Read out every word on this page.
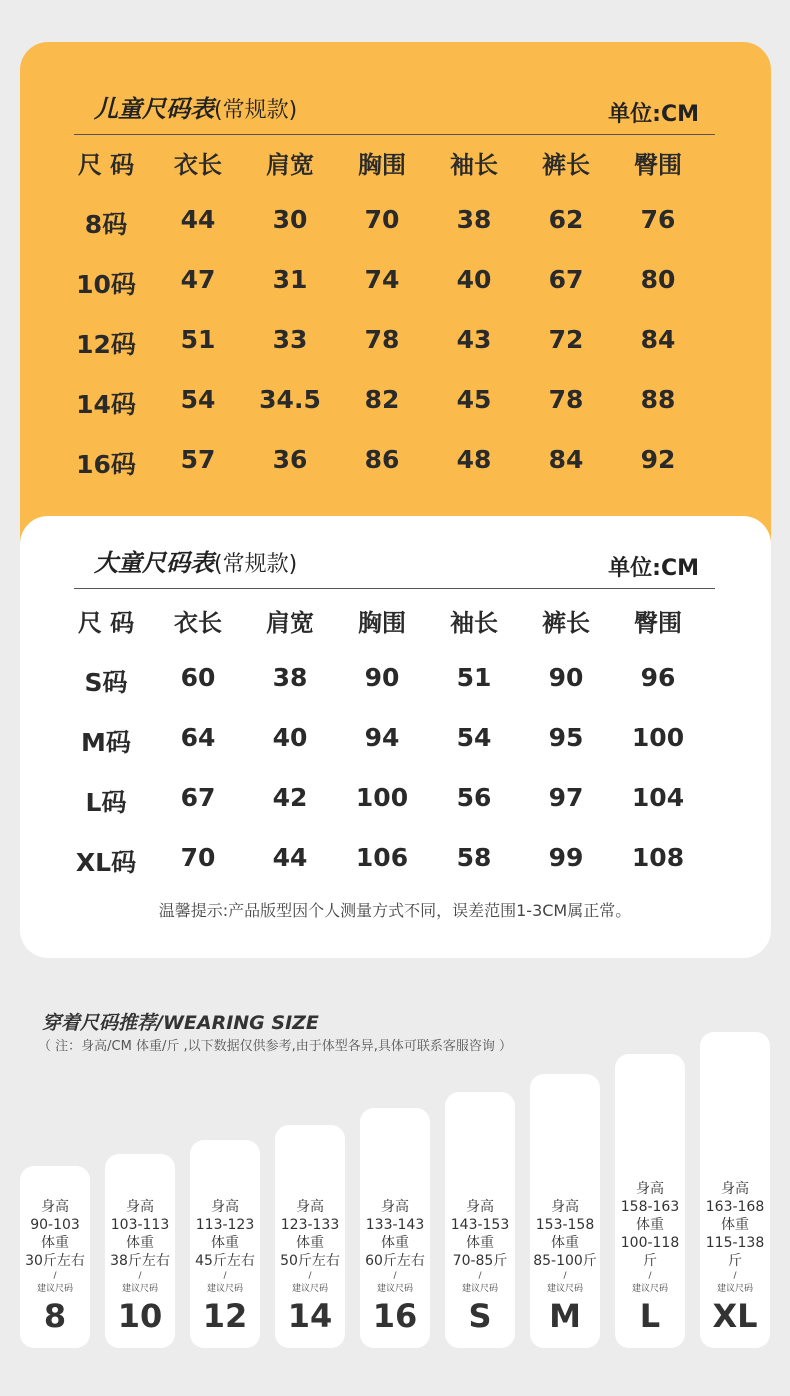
儿童尺码表(常规款)	单位:CM
尺 码	衣长	肩宽	胸围	袖长	裤长	臀围
8码	44	30	70	38	62	76
10码	47	31	74	40	67	80
12码	51	33	78	43	72	84
14码	54	34.5	82	45	78	88
16码	57	36	86	48	84	92
大童尺码表(常规款)	单位:CM
尺 码	衣长	肩宽	胸围	袖长	裤长	臀围
S码	60	38	90	51	90	96
M码	64	40	94	54	95	100
L码	67	42	100	56	97	104
XL码	70	44	106	58	99	108
温馨提示:产品版型因个人测量方式不同，误差范围1-3CM属正常。
穿着尺码推荐/WEARING SIZE
（ 注：身高/CM 体重/斤 ,以下数据仅供参考,由于体型各异,具体可联系客服咨询 ）
身高
90-103
体重
30斤左右
/
建议尺码
8
身高
103-113
体重
38斤左右
/
建议尺码
10
身高
113-123
体重
45斤左右
/
建议尺码
12
身高
123-133
体重
50斤左右
/
建议尺码
14
身高
133-143
体重
60斤左右
/
建议尺码
16
身高
143-153
体重
70-85斤
/
建议尺码
S
身高
153-158
体重
85-100斤
/
建议尺码
M
身高
158-163
体重
100-118斤
/
建议尺码
L
身高
163-168
体重
115-138斤
/
建议尺码
XL
